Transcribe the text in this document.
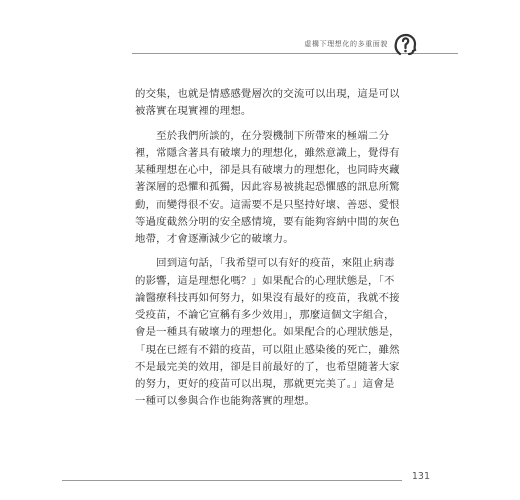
虛構下理想化的多重面貌
的交集，也就是情感感覺層次的交流可以出現，這是可以
被落實在現實裡的理想。
　　至於我們所談的，在分裂機制下所帶來的極端二分
裡，常隱含著具有破壞力的理想化，雖然意識上，覺得有
某種理想在心中，卻是具有破壞力的理想化，也同時夾藏
著深層的恐懼和孤獨，因此容易被挑起恐懼感的訊息所驚
動，而變得很不安。這需要不是只堅持好壞、善惡、愛恨
等過度截然分明的安全感情境，要有能夠容納中間的灰色
地帶，才會逐漸減少它的破壞力。
　　回到這句話，「我希望可以有好的疫苗，來阻止病毒
的影響，這是理想化嗎？」如果配合的心理狀態是，「不
論醫療科技再如何努力，如果沒有最好的疫苗，我就不接
受疫苗，不論它宣稱有多少效用」，那麼這個文字組合，
會是一種具有破壞力的理想化。如果配合的心理狀態是，
「現在已經有不錯的疫苗，可以阻止感染後的死亡，雖然
不是最完美的效用，卻是目前最好的了，也希望隨著大家
的努力，更好的疫苗可以出現，那就更完美了。」這會是
一種可以參與合作也能夠落實的理想。
131
